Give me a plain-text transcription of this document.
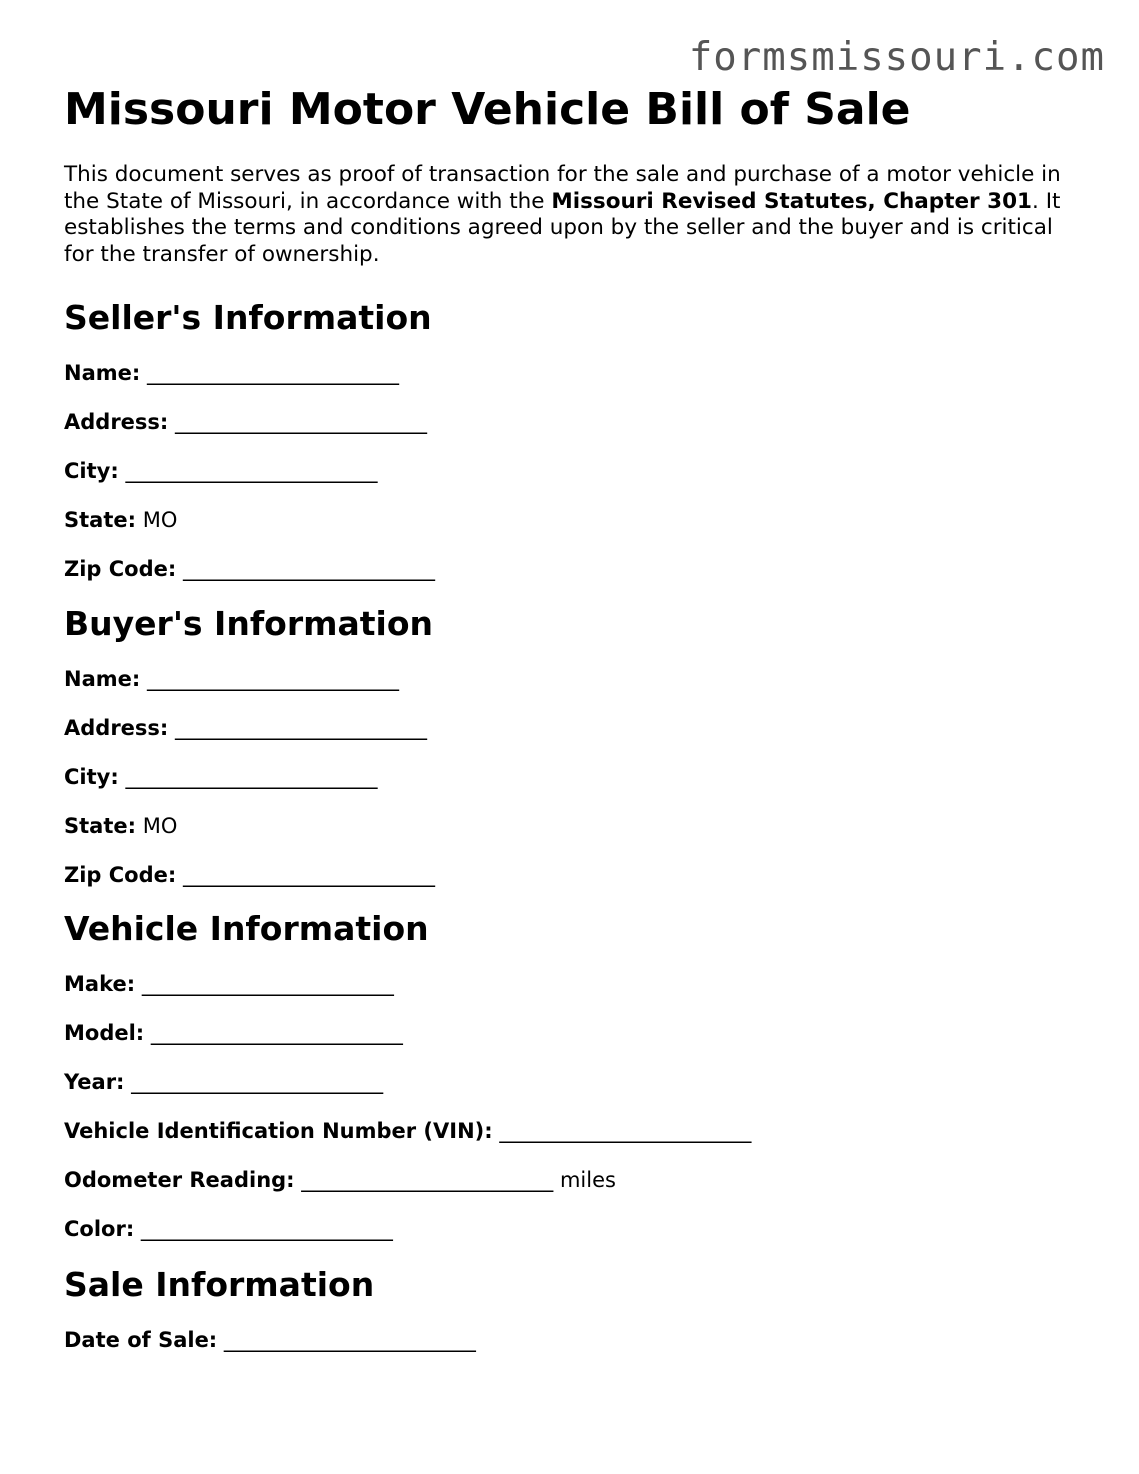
formsmissouri.com
Missouri Motor Vehicle Bill of Sale

This document serves as proof of transaction for the sale and purchase of a motor vehicle in the State of Missouri, in accordance with the Missouri Revised Statutes, Chapter 301. It establishes the terms and conditions agreed upon by the seller and the buyer and is critical for the transfer of ownership.

Seller's Information
Name: ________________________
Address: ________________________
City: ________________________
State: MO
Zip Code: ________________________
Buyer's Information
Name: ________________________
Address: ________________________
City: ________________________
State: MO
Zip Code: ________________________
Vehicle Information
Make: ________________________
Model: ________________________
Year: ________________________
Vehicle Identification Number (VIN): ________________________
Odometer Reading: ________________________ miles
Color: ________________________
Sale Information
Date of Sale: ________________________
